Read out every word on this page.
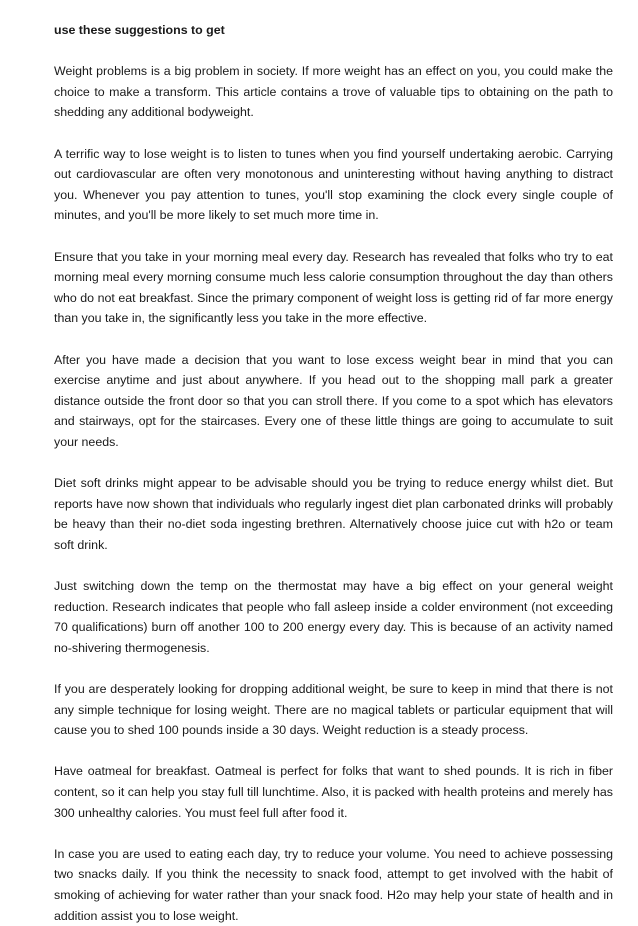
use these suggestions to get

Weight problems is a big problem in society. If more weight has an effect on you, you could make the choice to make a transform. This article contains a trove of valuable tips to obtaining on the path to shedding any additional bodyweight.

A terrific way to lose weight is to listen to tunes when you find yourself undertaking aerobic. Carrying out cardiovascular are often very monotonous and uninteresting without having anything to distract you. Whenever you pay attention to tunes, you'll stop examining the clock every single couple of minutes, and you'll be more likely to set much more time in.

Ensure that you take in your morning meal every day. Research has revealed that folks who try to eat morning meal every morning consume much less calorie consumption throughout the day than others who do not eat breakfast. Since the primary component of weight loss is getting rid of far more energy than you take in, the significantly less you take in the more effective.

After you have made a decision that you want to lose excess weight bear in mind that you can exercise anytime and just about anywhere. If you head out to the shopping mall park a greater distance outside the front door so that you can stroll there. If you come to a spot which has elevators and stairways, opt for the staircases. Every one of these little things are going to accumulate to suit your needs.

Diet soft drinks might appear to be advisable should you be trying to reduce energy whilst diet. But reports have now shown that individuals who regularly ingest diet plan carbonated drinks will probably be heavy than their no-diet soda ingesting brethren. Alternatively choose juice cut with h2o or team soft drink.

Just switching down the temp on the thermostat may have a big effect on your general weight reduction. Research indicates that people who fall asleep inside a colder environment (not exceeding 70 qualifications) burn off another 100 to 200 energy every day. This is because of an activity named no-shivering thermogenesis.

If you are desperately looking for dropping additional weight, be sure to keep in mind that there is not any simple technique for losing weight. There are no magical tablets or particular equipment that will cause you to shed 100 pounds inside a 30 days. Weight reduction is a steady process.

Have oatmeal for breakfast. Oatmeal is perfect for folks that want to shed pounds. It is rich in fiber content, so it can help you stay full till lunchtime. Also, it is packed with health proteins and merely has 300 unhealthy calories. You must feel full after food it.

In case you are used to eating each day, try to reduce your volume. You need to achieve possessing two snacks daily. If you think the necessity to snack food, attempt to get involved with the habit of smoking of achieving for water rather than your snack food. H2o may help your state of health and in addition assist you to lose weight.
